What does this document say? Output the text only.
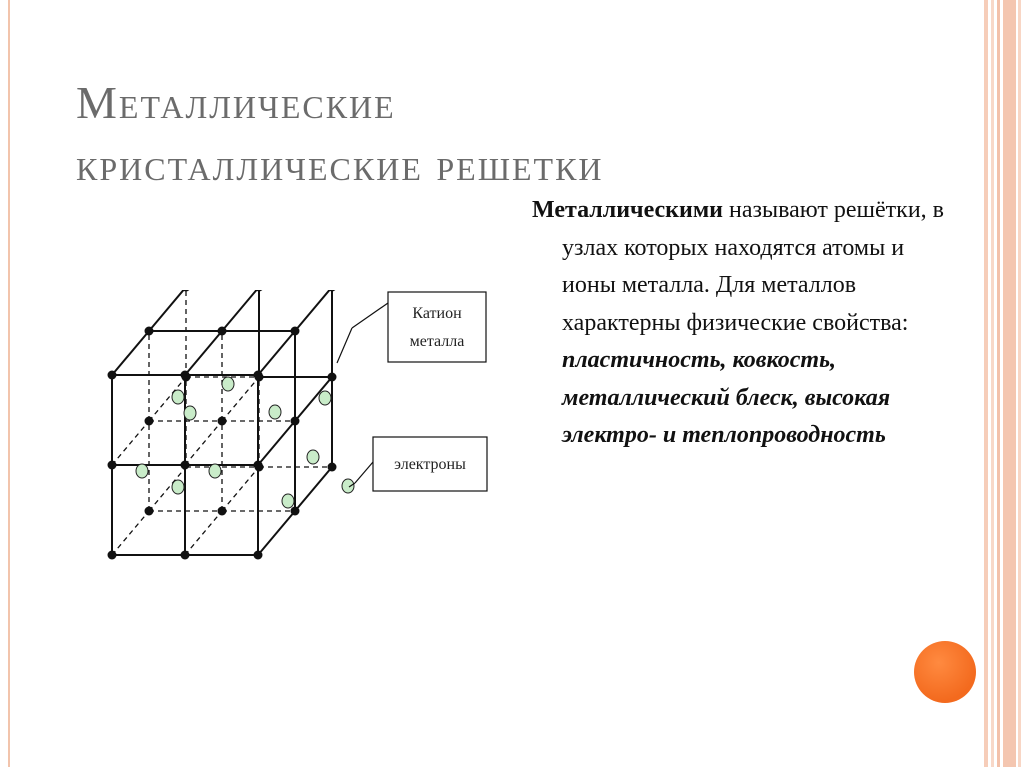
Металлические
кристаллические решетки

Металлическими называют решётки, в узлах которых находятся атомы и ионы металла. Для металлов характерны физические свойства: пластичность, ковкость, металлический блеск, высокая электро- и теплопроводность

Катион
металла
электроны
